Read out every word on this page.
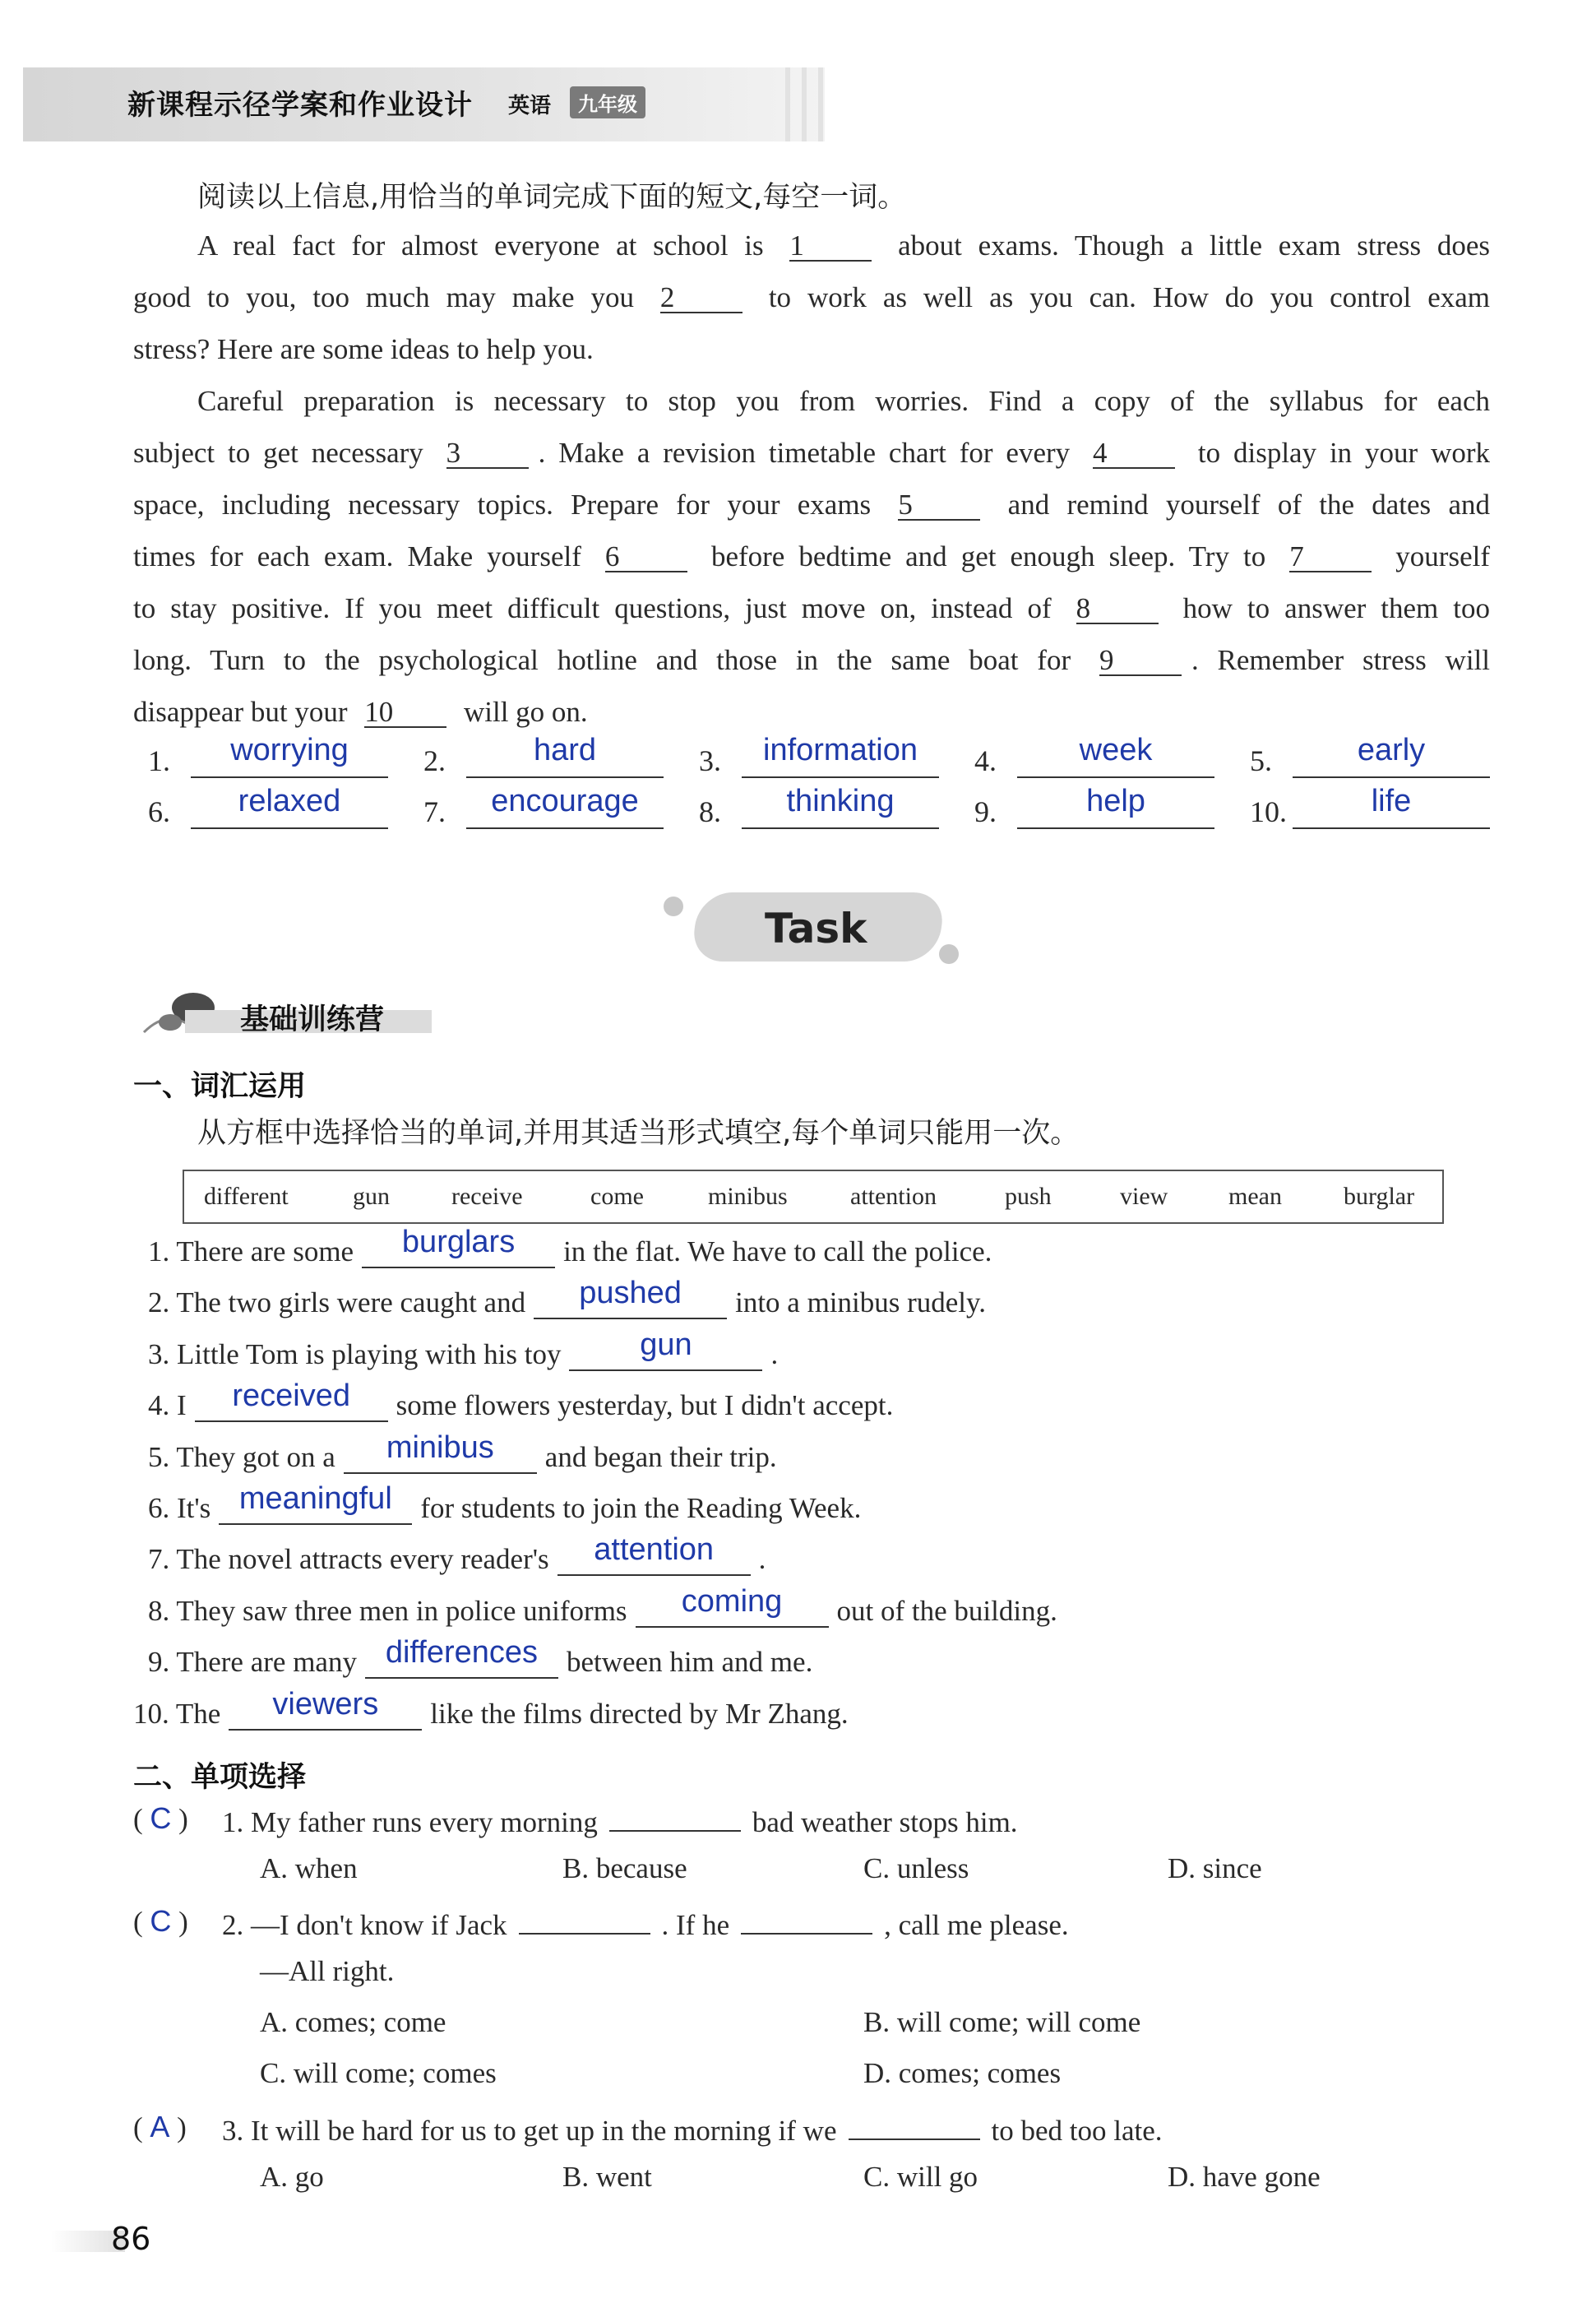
新课程示径学案和作业设计 英语	九年级
阅读以上信息,用恰当的单词完成下面的短文,每空一词。
A real fact for almost everyone at school is 1	about exams. Though a little exam stress does
good to you, too much may make you 2	to work as well as you can. How do you control exam
stress? Here are some ideas to help you.
Careful preparation is necessary to stop you from worries. Find a copy of the syllabus for each
subject to get necessary 3	. Make a revision timetable chart for every 4	to display in your work
space, including necessary topics. Prepare for your exams 5	and remind yourself of the dates and
times for each exam. Make yourself 6	before bedtime and get enough sleep. Try to 7	yourself
to stay positive. If you meet difficult questions, just move on, instead of 8	how to answer them too
long. Turn to the psychological hotline and those in the same boat for 9	. Remember stress will
disappear but your 10 will go on.
1.	worrying	2.	hard	3.	information	4.	week	5.	early
6.	relaxed	7.	encourage	8.	thinking	9.	help	10.	life
Task
基础训练营
一、词汇运用
从方框中选择恰当的单词,并用其适当形式填空,每个单词只能用一次。
different	gun	receive	come	minibus	attention	push	view mean	burglar
1. There are some	burglars	in the flat. We have to call the police.
2. The two girls were caught and	pushed	into a minibus rudely.
3. Little Tom is playing with his toy	gun	.
4. I	received	some flowers yesterday, but I didn't accept.
5. They got on a	minibus	and began their trip.
6. It's meaningful for students to join the Reading Week.
7. The novel attracts every reader's	attention	.
8. They saw three men in police uniforms	coming	out of the building.
9. There are many differences between him and me.
10. The	viewers	like the films directed by Mr Zhang.
二、单项选择
( C ) 1. My father runs every morning	bad weather stops him.
A. when	B. because	C. unless	D. since
( C ) 2. —I don't know if Jack	. If he	, call me please.
—All right.
A. comes; come	B. will come; will come
C. will come; comes	D. comes; comes
( A ) 3. It will be hard for us to get up in the morning if we	to bed too late.
A. go	B. went	C. will go	D. have gone
86
